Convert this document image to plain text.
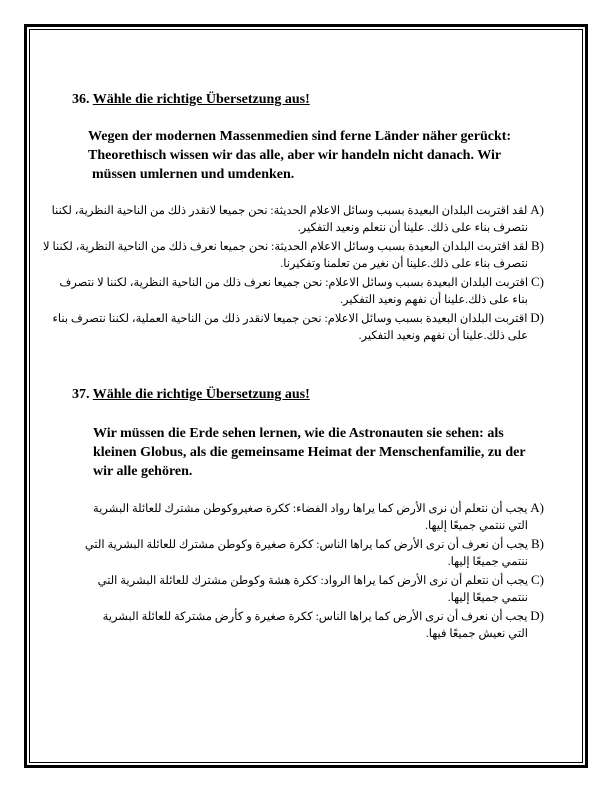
36. Wähle die richtige Übersetzung aus!
Wegen der modernen Massenmedien sind ferne Länder näher gerückt:
Theorethisch wissen wir das alle, aber wir handeln nicht danach. Wir
müssen umlernen und umdenken.
A) لقد اقتربت البلدان البعيدة بسبب وسائل الاعلام الحديثة: نحن جميعا لانقدر ذلك من الناحية النظرية، لكننا
نتصرف بناء على ذلك. علينا أن نتعلم ونعيد التفكير.
B) لقد اقتربت البلدان البعيدة بسبب وسائل الاعلام الحديثة: نحن جميعا نعرف ذلك من الناحية النظرية، لكننا لا
نتصرف بناء على ذلك.علينا أن نغير من تعلمنا وتفكيرنا.
C) اقتربت البلدان البعيدة بسبب وسائل الاعلام: نحن جميعا نعرف ذلك من الناحية النظرية، لكننا لا نتصرف
بناء على ذلك.علينا أن نفهم ونعيد التفكير.
D) اقتربت البلدان البعيدة بسبب وسائل الاعلام: نحن جميعا لانقدر ذلك من الناحية العملية، لكننا نتصرف بناء
على ذلك.علينا أن نفهم ونعيد التفكير.
37. Wähle die richtige Übersetzung aus!
Wir müssen die Erde sehen lernen, wie die Astronauten sie sehen: als
kleinen Globus, als die gemeinsame Heimat der Menschenfamilie, zu der
wir alle gehören.
A) يجب أن نتعلم أن نرى الأرض كما يراها رواد الفضاء: ككرة صغيروكوطن مشترك للعائلة البشرية
التي ننتمي جميعًا إليها.
B) يجب أن نعرف أن نرى الأرض كما يراها الناس: ككرة صغيرة وكوطن مشترك للعائلة البشرية التي
ننتمي جميعًا إليها.
C) يجب أن نتعلم أن نرى الأرض كما يراها الرواد: ككرة هشة وكوطن مشترك للعائلة البشرية التي
ننتمي جميعًا إليها.
D) يجب أن نعرف أن نرى الأرض كما يراها الناس: ككرة صغيرة و كأرض مشتركة للعائلة البشرية
التي نعيش جميعًا فيها.
